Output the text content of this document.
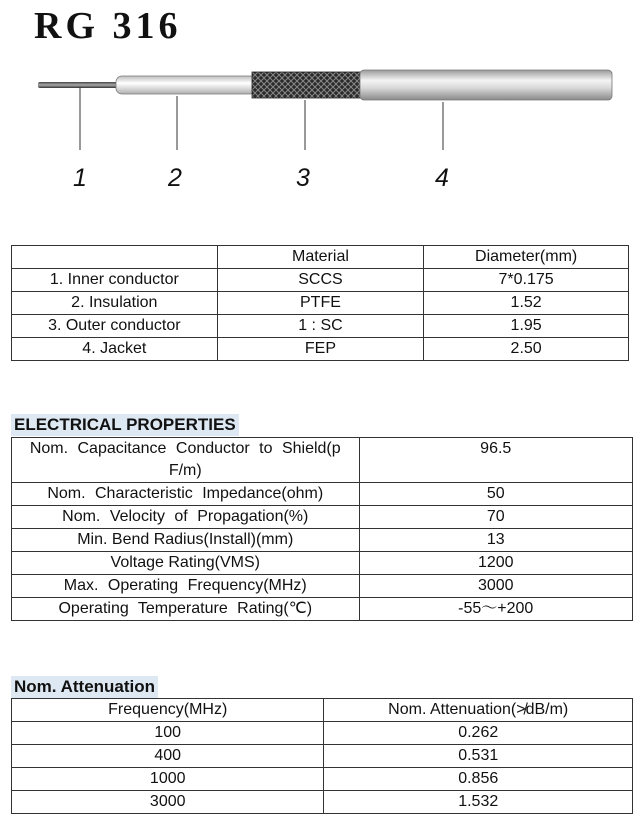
RG 316
1	2	3	4
	Material	Diameter(mm)
1. Inner conductor	SCCS	7*0.175
2. Insulation	PTFE	1.52
3. Outer conductor	1 : SC	1.95
4. Jacket	FEP	2.50
ELECTRICAL PROPERTIES
Nom. Capacitance Conductor to Shield(p
F/m)	96.5
Nom. Characteristic Impedance(ohm)	50
Nom. Velocity of Propagation(%)	70
Min. Bend Radius(Install)(mm)	13
Voltage Rating(VMS)	1200
Max. Operating Frequency(MHz)	3000
Operating Temperature Rating(℃)	-55～+200
Nom. Attenuation
Frequency(MHz)	Nom. Attenuation(≯dB/m)
100	0.262
400	0.531
1000	0.856
3000	1.532
